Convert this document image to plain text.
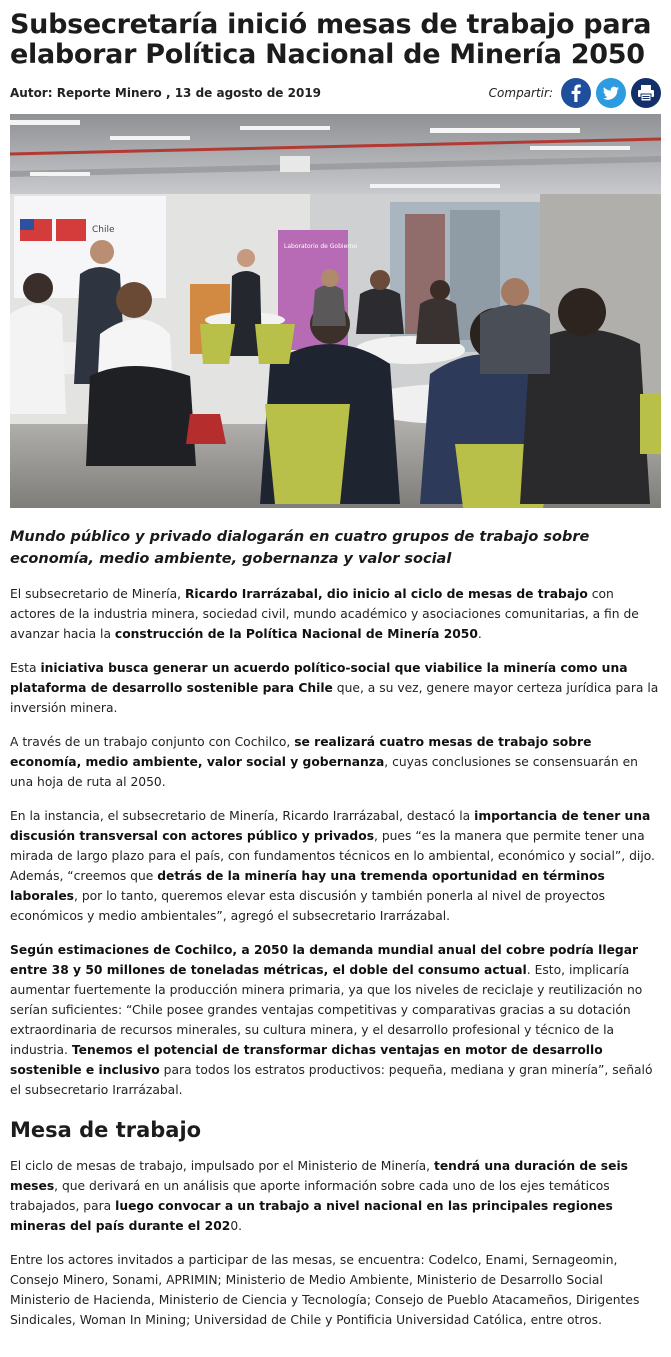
Subsecretaría inició mesas de trabajo para elaborar Política Nacional de Minería 2050
Autor: Reporte Minero , 13 de agosto de 2019	Compartir:
Chile
Laboratorio de Gobierno
Mundo público y privado dialogarán en cuatro grupos de trabajo sobre economía, medio ambiente, gobernanza y valor social

El subsecretario de Minería, Ricardo Irarrázabal, dio inicio al ciclo de mesas de trabajo con actores de la industria minera, sociedad civil, mundo académico y asociaciones comunitarias, a fin de avanzar hacia la construcción de la Política Nacional de Minería 2050.

Esta iniciativa busca generar un acuerdo político-social que viabilice la minería como una plataforma de desarrollo sostenible para Chile que, a su vez, genere mayor certeza jurídica para la inversión minera.

A través de un trabajo conjunto con Cochilco, se realizará cuatro mesas de trabajo sobre economía, medio ambiente, valor social y gobernanza, cuyas conclusiones se consensuarán en una hoja de ruta al 2050.

En la instancia, el subsecretario de Minería, Ricardo Irarrázabal, destacó la importancia de tener una discusión transversal con actores público y privados, pues “es la manera que permite tener una mirada de largo plazo para el país, con fundamentos técnicos en lo ambiental, económico y social”, dijo. Además, “creemos que detrás de la minería hay una tremenda oportunidad en términos laborales, por lo tanto, queremos elevar esta discusión y también ponerla al nivel de proyectos económicos y medio ambientales”, agregó el subsecretario Irarrázabal.

Según estimaciones de Cochilco, a 2050 la demanda mundial anual del cobre podría llegar entre 38 y 50 millones de toneladas métricas, el doble del consumo actual. Esto, implicaría aumentar fuertemente la producción minera primaria, ya que los niveles de reciclaje y reutilización no serían suficientes: “Chile posee grandes ventajas competitivas y comparativas gracias a su dotación extraordinaria de recursos minerales, su cultura minera, y el desarrollo profesional y técnico de la industria. Tenemos el potencial de transformar dichas ventajas en motor de desarrollo sostenible e inclusivo para todos los estratos productivos: pequeña, mediana y gran minería”, señaló el subsecretario Irarrázabal.

Mesa de trabajo

El ciclo de mesas de trabajo, impulsado por el Ministerio de Minería, tendrá una duración de seis meses, que derivará en un análisis que aporte información sobre cada uno de los ejes temáticos trabajados, para luego convocar a un trabajo a nivel nacional en las principales regiones mineras del país durante el 2020.

Entre los actores invitados a participar de las mesas, se encuentra: Codelco, Enami, Sernageomin, Consejo Minero, Sonami, APRIMIN; Ministerio de Medio Ambiente, Ministerio de Desarrollo Social Ministerio de Hacienda, Ministerio de Ciencia y Tecnología; Consejo de Pueblo Atacameños, Dirigentes Sindicales, Woman In Mining; Universidad de Chile y Pontificia Universidad Católica, entre otros.
